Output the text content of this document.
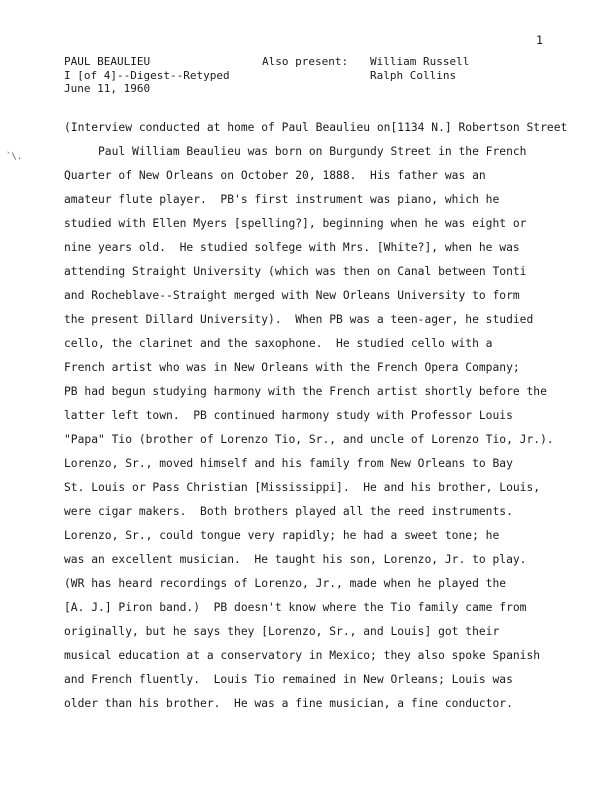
1
PAUL BEAULIEU
I [of 4]--Digest--Retyped
June 11, 1960
Also present:	William Russell
Ralph Collins
`\.
(Interview conducted at home of Paul Beaulieu on[1134 N.] Robertson Street
Paul William Beaulieu was born on Burgundy Street in the French
Quarter of New Orleans on October 20, 1888.  His father was an
amateur flute player.  PB's first instrument was piano, which he
studied with Ellen Myers [spelling?], beginning when he was eight or
nine years old.  He studied solfege with Mrs. [White?], when he was
attending Straight University (which was then on Canal between Tonti
and Rocheblave--Straight merged with New Orleans University to form
the present Dillard University).  When PB was a teen-ager, he studied
cello, the clarinet and the saxophone.  He studied cello with a
French artist who was in New Orleans with the French Opera Company;
PB had begun studying harmony with the French artist shortly before the
latter left town.  PB continued harmony study with Professor Louis
"Papa" Tio (brother of Lorenzo Tio, Sr., and uncle of Lorenzo Tio, Jr.).
Lorenzo, Sr., moved himself and his family from New Orleans to Bay
St. Louis or Pass Christian [Mississippi].  He and his brother, Louis,
were cigar makers.  Both brothers played all the reed instruments.
Lorenzo, Sr., could tongue very rapidly; he had a sweet tone; he
was an excellent musician.  He taught his son, Lorenzo, Jr. to play.
(WR has heard recordings of Lorenzo, Jr., made when he played the
[A. J.] Piron band.)  PB doesn't know where the Tio family came from
originally, but he says they [Lorenzo, Sr., and Louis] got their
musical education at a conservatory in Mexico; they also spoke Spanish
and French fluently.  Louis Tio remained in New Orleans; Louis was
older than his brother.  He was a fine musician, a fine conductor.
